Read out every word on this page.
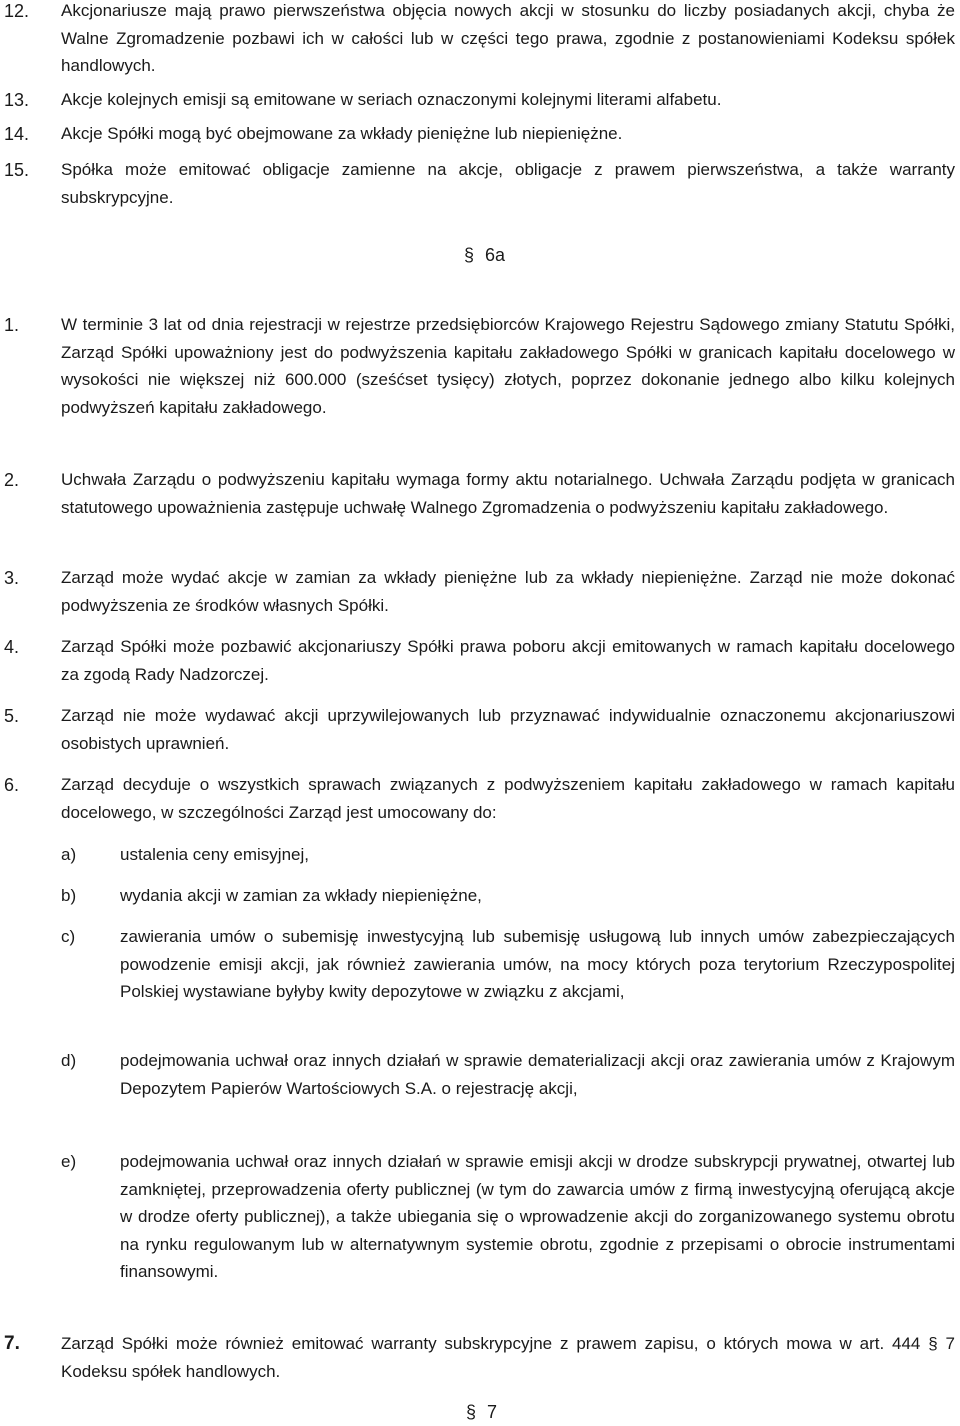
12. Akcjonariusze mają prawo pierwszeństwa objęcia nowych akcji w stosunku do liczby posiadanych akcji, chyba że Walne Zgromadzenie pozbawi ich w całości lub w części tego prawa, zgodnie z postanowieniami Kodeksu spółek handlowych.

13. Akcje kolejnych emisji są emitowane w seriach oznaczonymi kolejnymi literami alfabetu.

14. Akcje Spółki mogą być obejmowane za wkłady pieniężne lub niepieniężne.

15. Spółka może emitować obligacje zamienne na akcje, obligacje z prawem pierwszeństwa, a także warranty subskrypcyjne.

§ 6a
1. W terminie 3 lat od dnia rejestracji w rejestrze przedsiębiorców Krajowego Rejestru Sądowego zmiany Statutu Spółki, Zarząd Spółki upoważniony jest do podwyższenia kapitału zakładowego Spółki w granicach kapitału docelowego w wysokości nie większej niż 600.000 (sześćset tysięcy) złotych, poprzez dokonanie jednego albo kilku kolejnych podwyższeń kapitału zakładowego.

2. Uchwała Zarządu o podwyższeniu kapitału wymaga formy aktu notarialnego. Uchwała Zarządu podjęta w granicach statutowego upoważnienia zastępuje uchwałę Walnego Zgromadzenia o podwyższeniu kapitału zakładowego.

3. Zarząd może wydać akcje w zamian za wkłady pieniężne lub za wkłady niepieniężne. Zarząd nie może dokonać podwyższenia ze środków własnych Spółki.

4. Zarząd Spółki może pozbawić akcjonariuszy Spółki prawa poboru akcji emitowanych w ramach kapitału docelowego za zgodą Rady Nadzorczej.

5. Zarząd nie może wydawać akcji uprzywilejowanych lub przyznawać indywidualnie oznaczonemu akcjonariuszowi osobistych uprawnień.

6. Zarząd decyduje o wszystkich sprawach związanych z podwyższeniem kapitału zakładowego w ramach kapitału docelowego, w szczególności Zarząd jest umocowany do:

a)	ustalenia ceny emisyjnej,

b)	wydania akcji w zamian za wkłady niepieniężne,

c)	zawierania umów o subemisję inwestycyjną lub subemisję usługową lub innych umów zabezpieczających powodzenie emisji akcji, jak również zawierania umów, na mocy których poza terytorium Rzeczypospolitej Polskiej wystawiane byłyby kwity depozytowe w związku z akcjami,

d)	podejmowania uchwał oraz innych działań w sprawie dematerializacji akcji oraz zawierania umów z Krajowym Depozytem Papierów Wartościowych S.A. o rejestrację akcji,

e)	podejmowania uchwał oraz innych działań w sprawie emisji akcji w drodze subskrypcji prywatnej, otwartej lub zamkniętej, przeprowadzenia oferty publicznej (w tym do zawarcia umów z firmą inwestycyjną oferującą akcje w drodze oferty publicznej), a także ubiegania się o wprowadzenie akcji do zorganizowanego systemu obrotu na rynku regulowanym lub w alternatywnym systemie obrotu, zgodnie z przepisami o obrocie instrumentami finansowymi.

7. Zarząd Spółki może również emitować warranty subskrypcyjne z prawem zapisu, o których mowa w art. 444 § 7 Kodeksu spółek handlowych.

§ 7
